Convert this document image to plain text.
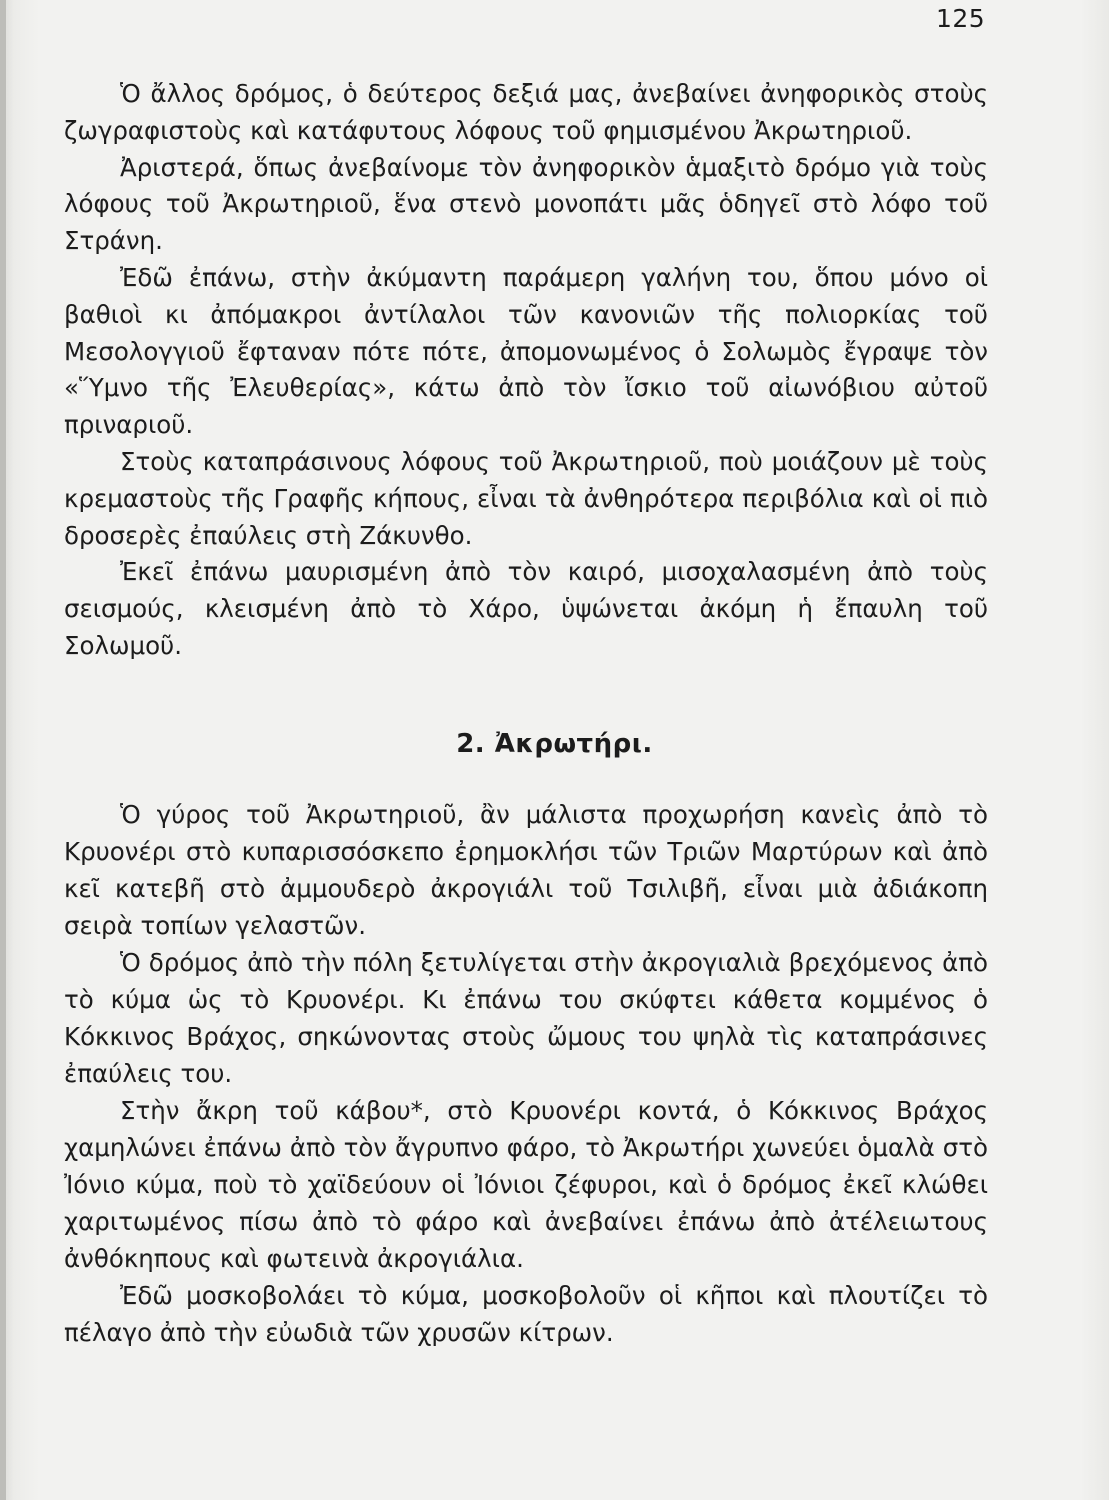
125

Ὁ ἄλλος δρόμος, ὁ δεύτερος δεξιά μας, ἀνεβαίνει ἀνηφορικὸς στοὺς ζωγραφιστοὺς καὶ κατάφυτους λόφους τοῦ φημισμένου Ἀκρωτηριοῦ.

Ἀριστερά, ὅπως ἀνεβαίνομε τὸν ἀνηφορικὸν ἁμαξιτὸ δρόμο γιὰ τοὺς λόφους τοῦ Ἀκρωτηριοῦ, ἕνα στενὸ μονοπάτι μᾶς ὁδηγεῖ στὸ λόφο τοῦ Στράνη.

Ἐδῶ ἐπάνω, στὴν ἀκύμαντη παράμερη γαλήνη του, ὅπου μόνο οἱ βαθιοὶ κι ἀπόμακροι ἀντίλαλοι τῶν κανονιῶν τῆς πολιορκίας τοῦ Μεσολογγιοῦ ἔφταναν πότε πότε, ἀπομονωμένος ὁ Σολωμὸς ἔγραψε τὸν «Ὕμνο τῆς Ἐλευθερίας», κάτω ἀπὸ τὸν ἴσκιο τοῦ αἰωνόβιου αὐτοῦ πριναριοῦ.

Στοὺς καταπράσινους λόφους τοῦ Ἀκρωτηριοῦ, ποὺ μοιάζουν μὲ τοὺς κρεμαστοὺς τῆς Γραφῆς κήπους, εἶναι τὰ ἀνθηρότερα περιβόλια καὶ οἱ πιὸ δροσερὲς ἐπαύλεις στὴ Ζάκυνθο.

Ἐκεῖ ἐπάνω μαυρισμένη ἀπὸ τὸν καιρό, μισοχαλασμένη ἀπὸ τοὺς σεισμούς, κλεισμένη ἀπὸ τὸ Χάρο, ὑψώνεται ἀκόμη ἡ ἔπαυλη τοῦ Σολωμοῦ.

2. Ἀκρωτήρι.

Ὁ γύρος τοῦ Ἀκρωτηριοῦ, ἂν μάλιστα προχωρήση κανεὶς ἀπὸ τὸ Κρυονέρι στὸ κυπαρισσόσκεπο ἐρημοκλήσι τῶν Τριῶν Μαρτύρων καὶ ἀπὸ κεῖ κατεβῆ στὸ ἀμμουδερὸ ἀκρογιάλι τοῦ Τσιλιβῆ, εἶναι μιὰ ἀδιάκοπη σειρὰ τοπίων γελαστῶν.

Ὁ δρόμος ἀπὸ τὴν πόλη ξετυλίγεται στὴν ἀκρογιαλιὰ βρεχόμενος ἀπὸ τὸ κύμα ὡς τὸ Κρυονέρι. Κι ἐπάνω του σκύφτει κάθετα κομμένος ὁ Κόκκινος Βράχος, σηκώνοντας στοὺς ὤμους του ψηλὰ τὶς καταπράσινες ἐπαύλεις του.

Στὴν ἄκρη τοῦ κάβου*, στὸ Κρυονέρι κοντά, ὁ Κόκκινος Βράχος χαμηλώνει ἐπάνω ἀπὸ τὸν ἄγρυπνο φάρο, τὸ Ἀκρωτήρι χωνεύει ὁμαλὰ στὸ Ἰόνιο κύμα, ποὺ τὸ χαϊδεύουν οἱ Ἰόνιοι ζέφυροι, καὶ ὁ δρόμος ἐκεῖ κλώθει χαριτωμένος πίσω ἀπὸ τὸ φάρο καὶ ἀνεβαίνει ἐπάνω ἀπὸ ἀτέλειωτους ἀνθόκηπους καὶ φωτεινὰ ἀκρογιάλια.

Ἐδῶ μοσκοβολάει τὸ κύμα, μοσκοβολοῦν οἱ κῆποι καὶ πλουτίζει τὸ πέλαγο ἀπὸ τὴν εὐωδιὰ τῶν χρυσῶν κίτρων.
